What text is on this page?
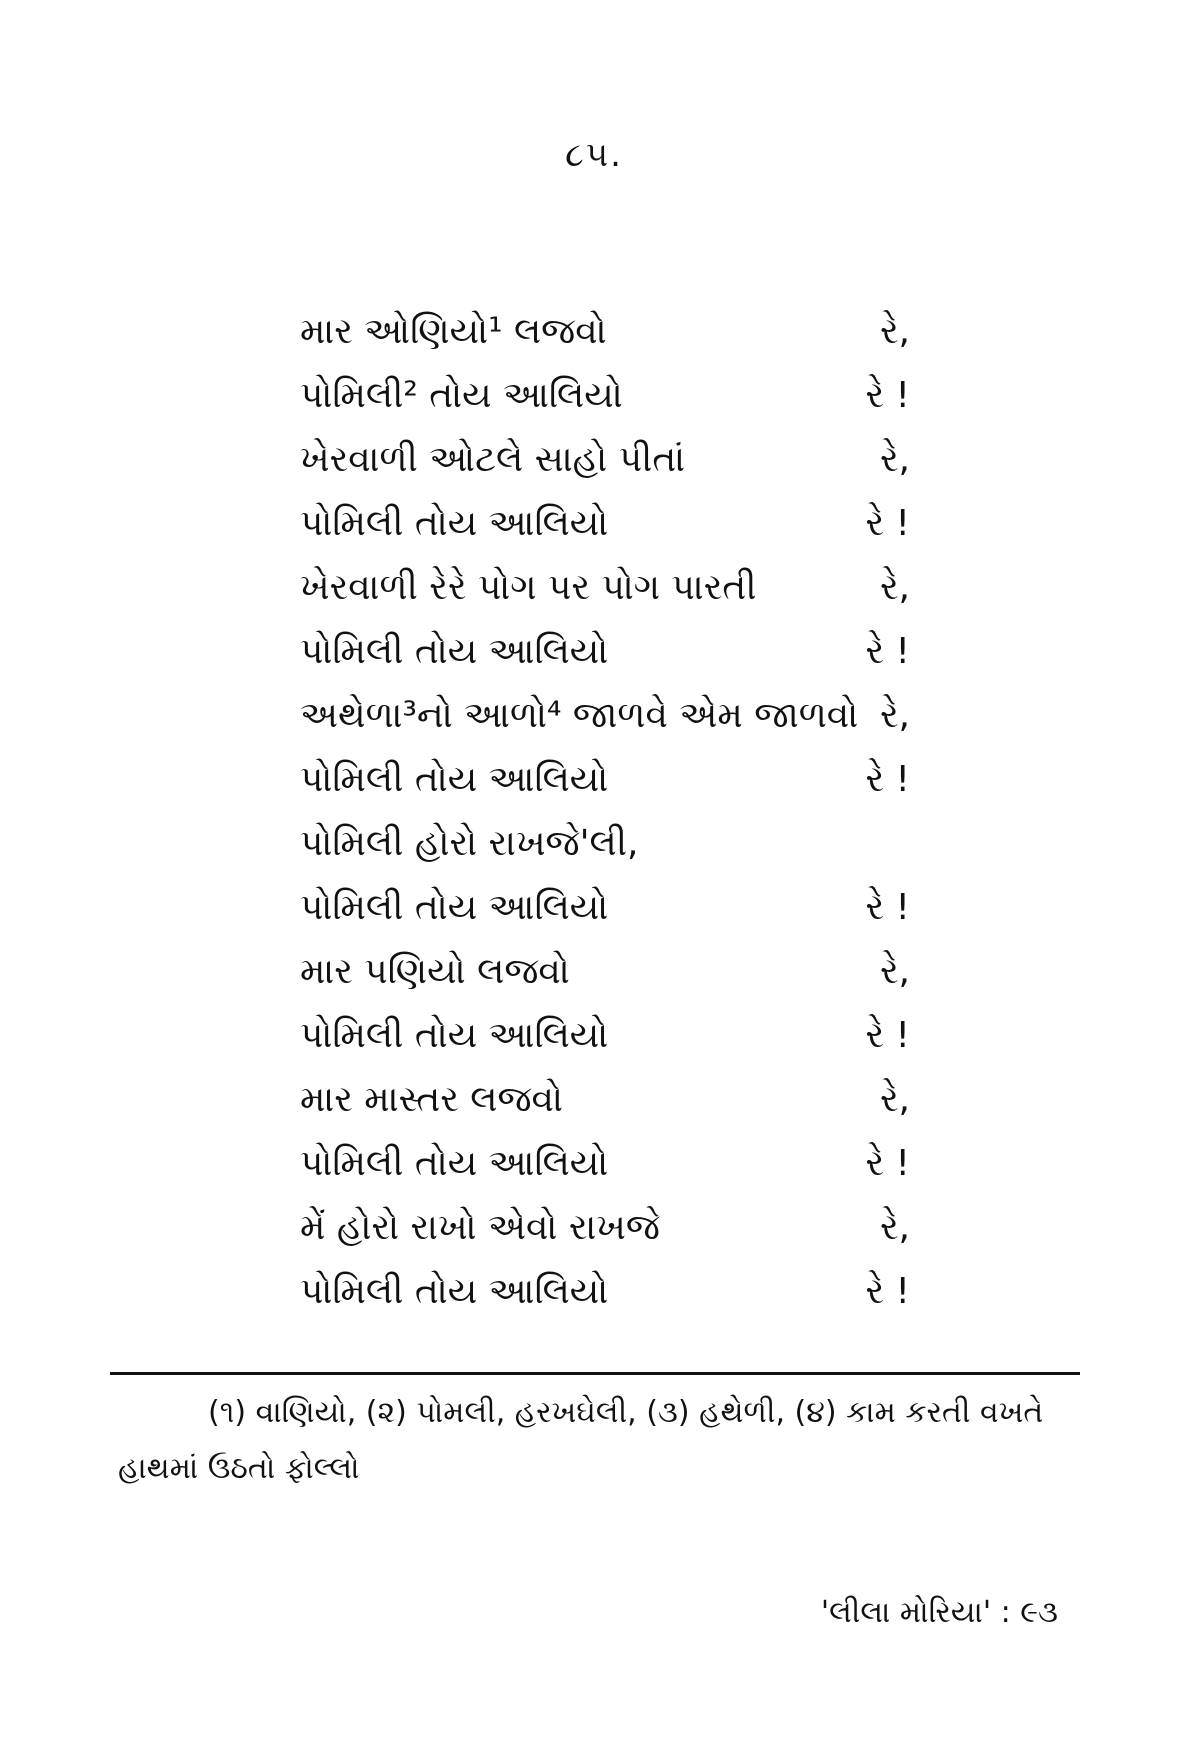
૮૫.
માર ઓણિયો¹ લજવો	રે,
પોમિલી² તોય આલિયો	રે !
ખેરવાળી ઓટલે સાહો પીતાં	રે,
પોમિલી તોય આલિયો	રે !
ખેરવાળી રેરે પોગ પર પોગ પારતી	રે,
પોમિલી તોય આલિયો	રે !
અથેળા³નો આળો⁴ જાળવે એમ જાળવો રે,
પોમિલી તોય આલિયો	રે !
પોમિલી હોરો રાખજે'લી,
પોમિલી તોય આલિયો	રે !
માર પણિયો લજવો	રે,
પોમિલી તોય આલિયો	રે !
માર માસ્તર લજવો	રે,
પોમિલી તોય આલિયો	રે !
મેં હોરો રાખો એવો રાખજે	રે,
પોમિલી તોય આલિયો	રે !
(૧) વાણિયો, (૨) પોમલી, હરખઘેલી, (૩) હથેળી, (૪) કામ કરતી વખતે હાથમાં ઉઠતો ફોલ્લો
'લીલા મોરિયા' : ૯૩
